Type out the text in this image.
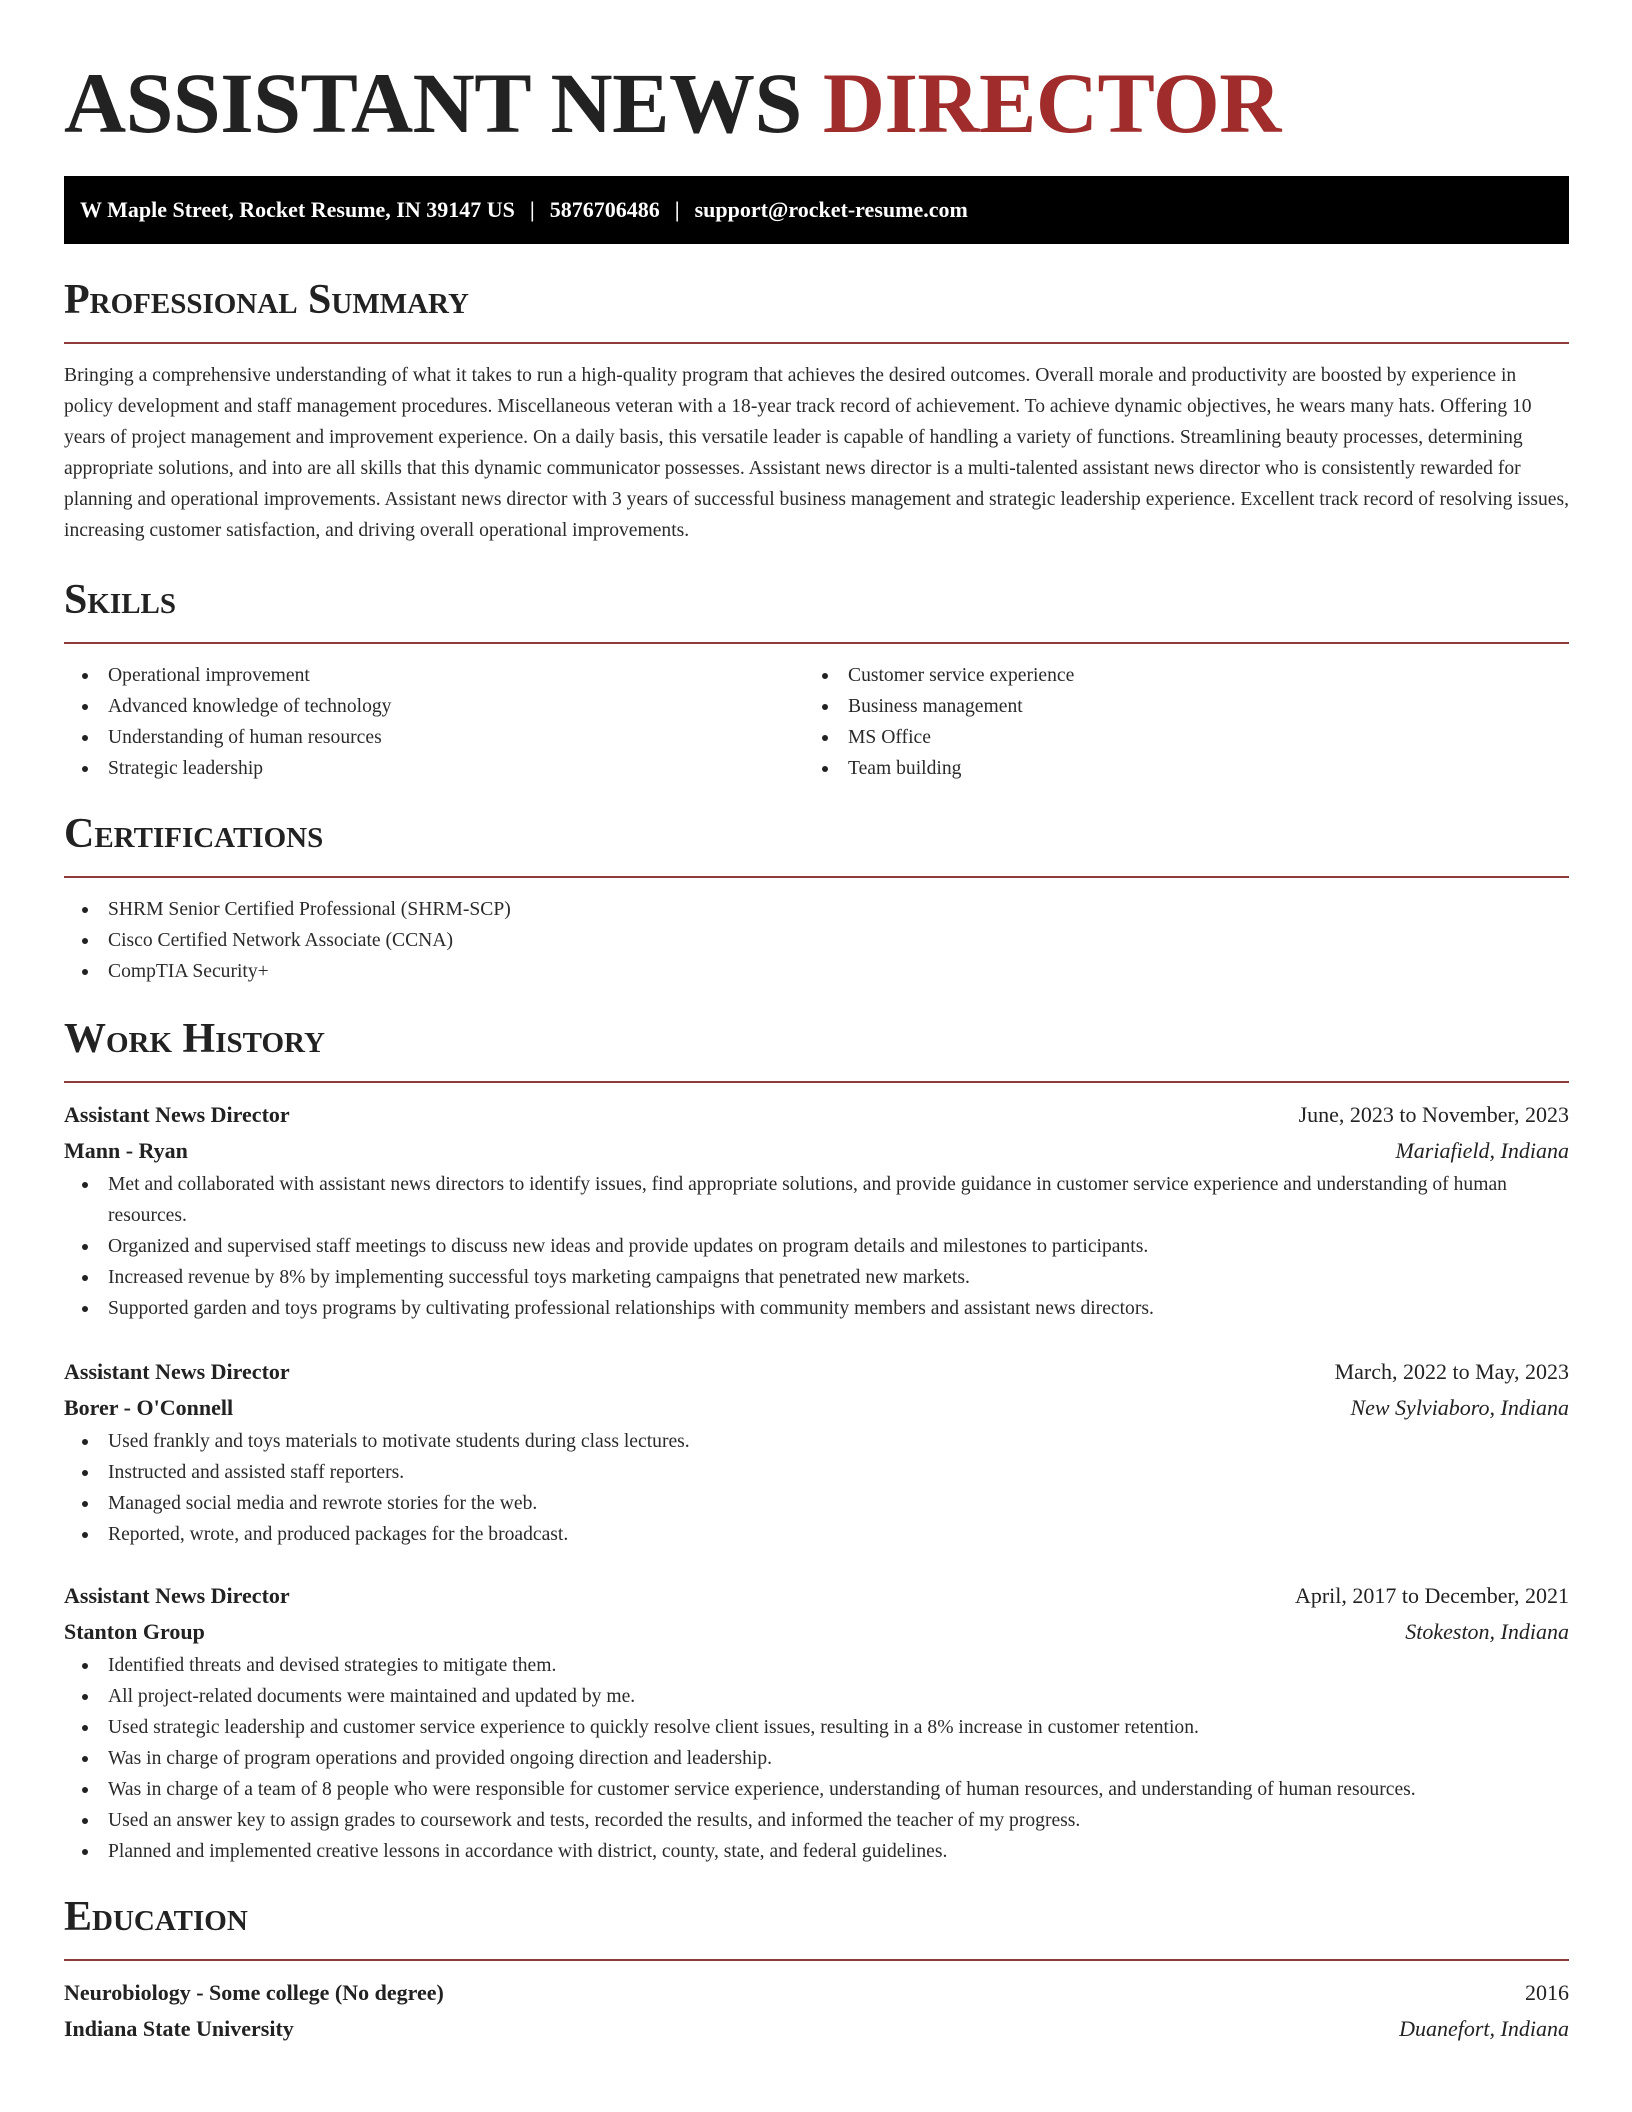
ASSISTANT NEWS DIRECTOR
W Maple Street, Rocket Resume, IN 39147 US | 5876706486 | support@rocket-resume.com
Professional Summary

Bringing a comprehensive understanding of what it takes to run a high-quality program that achieves the desired outcomes. Overall morale and productivity are boosted by experience in policy development and staff management procedures. Miscellaneous veteran with a 18-year track record of achievement. To achieve dynamic objectives, he wears many hats. Offering 10 years of project management and improvement experience. On a daily basis, this versatile leader is capable of handling a variety of functions. Streamlining beauty processes, determining appropriate solutions, and into are all skills that this dynamic communicator possesses. Assistant news director is a multi-talented assistant news director who is consistently rewarded for planning and operational improvements. Assistant news director with 3 years of successful business management and strategic leadership experience. Excellent track record of resolving issues, increasing customer satisfaction, and driving overall operational improvements.

Skills
Operational improvement
Advanced knowledge of technology
Understanding of human resources
Strategic leadership
Customer service experience
Business management
MS Office
Team building
Certifications
SHRM Senior Certified Professional (SHRM-SCP)
Cisco Certified Network Associate (CCNA)
CompTIA Security+
Work History
Assistant News Director	June, 2023 to November, 2023
Mann - Ryan	Mariafield, Indiana
Met and collaborated with assistant news directors to identify issues, find appropriate solutions, and provide guidance in customer service experience and understanding of human resources.
Organized and supervised staff meetings to discuss new ideas and provide updates on program details and milestones to participants.
Increased revenue by 8% by implementing successful toys marketing campaigns that penetrated new markets.
Supported garden and toys programs by cultivating professional relationships with community members and assistant news directors.
Assistant News Director	March, 2022 to May, 2023
Borer - O'Connell	New Sylviaboro, Indiana
Used frankly and toys materials to motivate students during class lectures.
Instructed and assisted staff reporters.
Managed social media and rewrote stories for the web.
Reported, wrote, and produced packages for the broadcast.
Assistant News Director	April, 2017 to December, 2021
Stanton Group	Stokeston, Indiana
Identified threats and devised strategies to mitigate them.
All project-related documents were maintained and updated by me.
Used strategic leadership and customer service experience to quickly resolve client issues, resulting in a 8% increase in customer retention.
Was in charge of program operations and provided ongoing direction and leadership.
Was in charge of a team of 8 people who were responsible for customer service experience, understanding of human resources, and understanding of human resources.
Used an answer key to assign grades to coursework and tests, recorded the results, and informed the teacher of my progress.
Planned and implemented creative lessons in accordance with district, county, state, and federal guidelines.
Education
Neurobiology - Some college (No degree)	2016
Indiana State University	Duanefort, Indiana
